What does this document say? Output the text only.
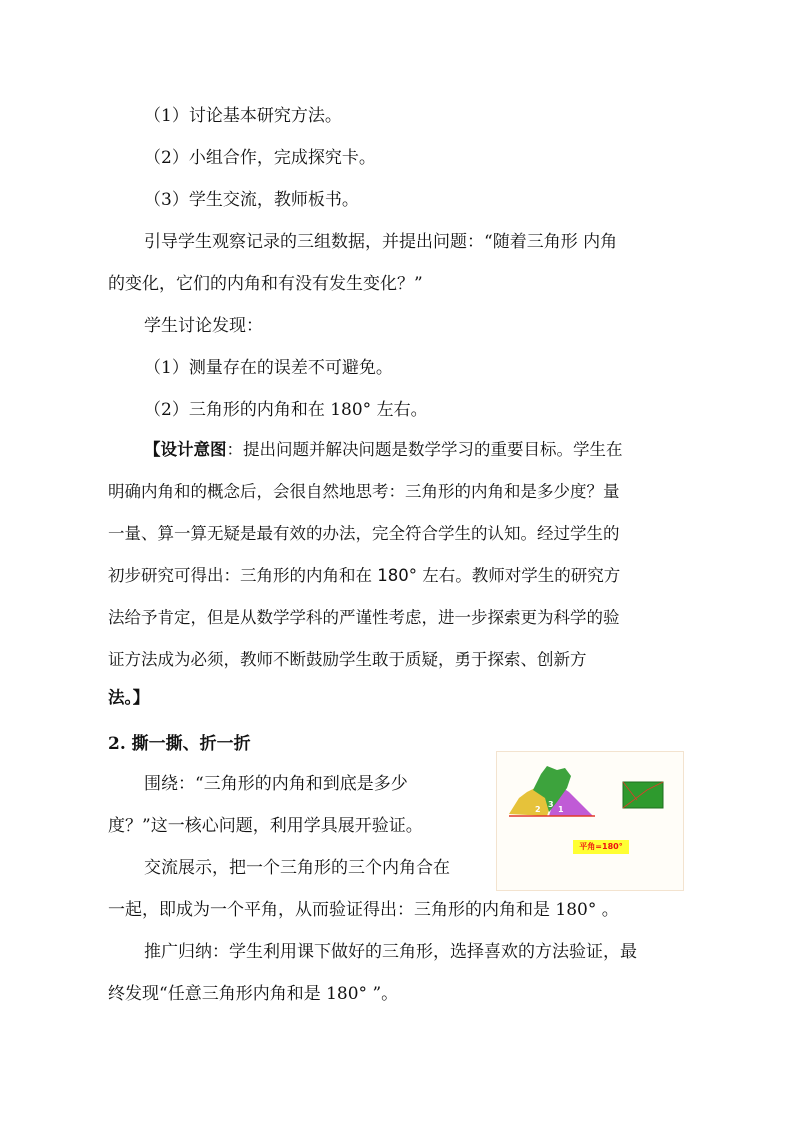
（1）讨论基本研究方法。
（2）小组合作，完成探究卡。
（3）学生交流，教师板书。
引导学生观察记录的三组数据，并提出问题：“随着三角形 内角
的变化，它们的内角和有没有发生变化？”
学生讨论发现：
（1）测量存在的误差不可避免。
（2）三角形的内角和在 180° 左右。
【设计意图：提出问题并解决问题是数学学习的重要目标。学生在
明确内角和的概念后，会很自然地思考：三角形的内角和是多少度？量
一量、算一算无疑是最有效的办法，完全符合学生的认知。经过学生的
初步研究可得出：三角形的内角和在 180° 左右。教师对学生的研究方
法给予肯定，但是从数学学科的严谨性考虑，进一步探索更为科学的验
证方法成为必须，教师不断鼓励学生敢于质疑，勇于探索、创新方
法。】
2. 撕一撕、折一折
围绕：“三角形的内角和到底是多少
度？”这一核心问题，利用学具展开验证。
交流展示，把一个三角形的三个内角合在
一起，即成为一个平角，从而验证得出：三角形的内角和是 180° 。
推广归纳：学生利用课下做好的三角形，选择喜欢的方法验证，最
终发现“任意三角形内角和是 180° ”。
2
3
1
平角=180°
